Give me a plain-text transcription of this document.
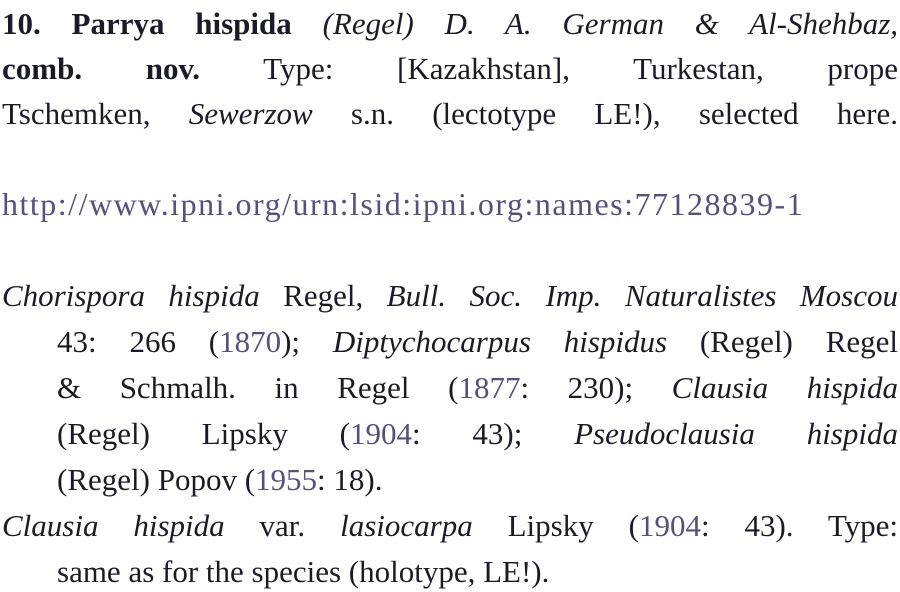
10. Parrya hispida (Regel) D. A. German & Al-Shehbaz,
comb. nov. Type: [Kazakhstan], Turkestan, prope
Tschemken, Sewerzow s.n. (lectotype LE!), selected here.
http://www.ipni.org/urn:lsid:ipni.org:names:77128839-1
Chorispora hispida Regel, Bull. Soc. Imp. Naturalistes Moscou
43: 266 (1870); Diptychocarpus hispidus (Regel) Regel
& Schmalh. in Regel (1877: 230); Clausia hispida
(Regel) Lipsky (1904: 43); Pseudoclausia hispida
(Regel) Popov (1955: 18).
Clausia hispida var. lasiocarpa Lipsky (1904: 43). Type:
same as for the species (holotype, LE!).
